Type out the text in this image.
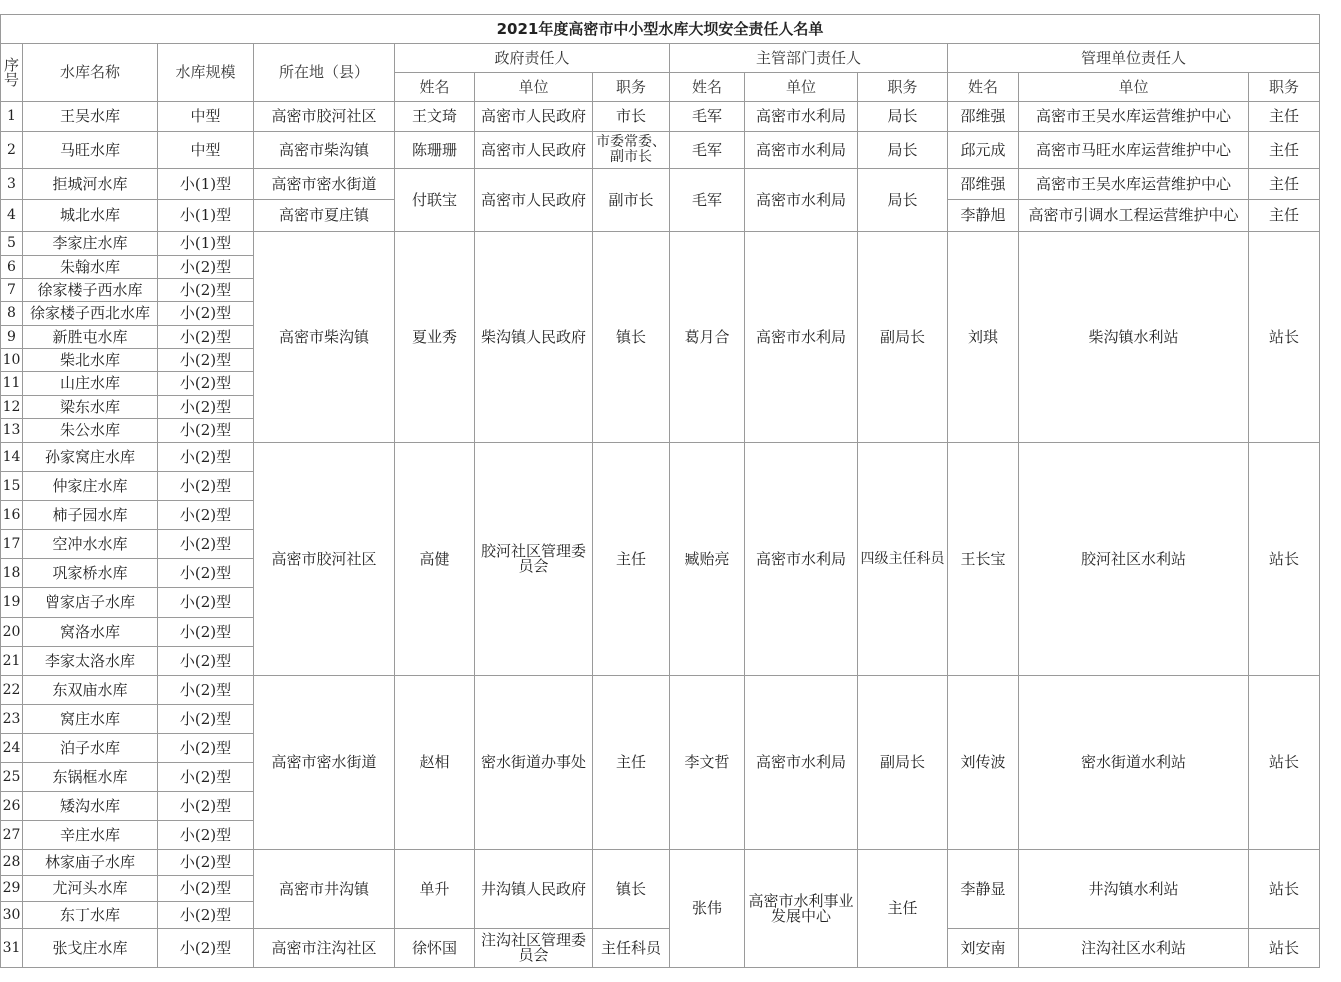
2021年度高密市中小型水库大坝安全责任人名单												
序号	水库名称	水库规模	所在地（县）	政府责任人			主管部门责任人			管理单位责任人		
				姓名	单位	职务	姓名	单位	职务	姓名	单位	职务
1	王吴水库	中型	高密市胶河社区	王文琦	高密市人民政府	市长	毛军	高密市水利局	局长	邵维强	高密市王吴水库运营维护中心	主任
2	马旺水库	中型	高密市柴沟镇	陈珊珊	高密市人民政府	市委常委、副市长	毛军	高密市水利局	局长	邱元成	高密市马旺水库运营维护中心	主任
3	拒城河水库	小(1)型	高密市密水街道	付联宝	高密市人民政府	副市长	毛军	高密市水利局	局长	邵维强	高密市王吴水库运营维护中心	主任
4	城北水库	小(1)型	高密市夏庄镇							李静旭	高密市引调水工程运营维护中心	主任
5	李家庄水库	小(1)型	高密市柴沟镇	夏业秀	柴沟镇人民政府	镇长	葛月合	高密市水利局	副局长	刘琪	柴沟镇水利站	站长
6	朱翰水库	小(2)型										
7	徐家楼子西水库	小(2)型										
8	徐家楼子西北水库	小(2)型										
9	新胜屯水库	小(2)型										
10	柴北水库	小(2)型										
11	山庄水库	小(2)型										
12	梁东水库	小(2)型										
13	朱公水库	小(2)型										
14	孙家窝庄水库	小(2)型	高密市胶河社区	高健	胶河社区管理委员会	主任	臧贻亮	高密市水利局	四级主任科员	王长宝	胶河社区水利站	站长
15	仲家庄水库	小(2)型										
16	柿子园水库	小(2)型										
17	空冲水水库	小(2)型										
18	巩家桥水库	小(2)型										
19	曾家店子水库	小(2)型										
20	窝洛水库	小(2)型										
21	李家太洛水库	小(2)型										
22	东双庙水库	小(2)型	高密市密水街道	赵相	密水街道办事处	主任	李文哲	高密市水利局	副局长	刘传波	密水街道水利站	站长
23	窝庄水库	小(2)型										
24	泊子水库	小(2)型										
25	东锅框水库	小(2)型										
26	矮沟水库	小(2)型										
27	辛庄水库	小(2)型										
28	林家庙子水库	小(2)型	高密市井沟镇	单升	井沟镇人民政府	镇长	张伟	高密市水利事业发展中心	主任	李静显	井沟镇水利站	站长
29	尤河头水库	小(2)型										
30	东丁水库	小(2)型										
31	张戈庄水库	小(2)型	高密市注沟社区	徐怀国	注沟社区管理委员会	主任科员				刘安南	注沟社区水利站	站长
